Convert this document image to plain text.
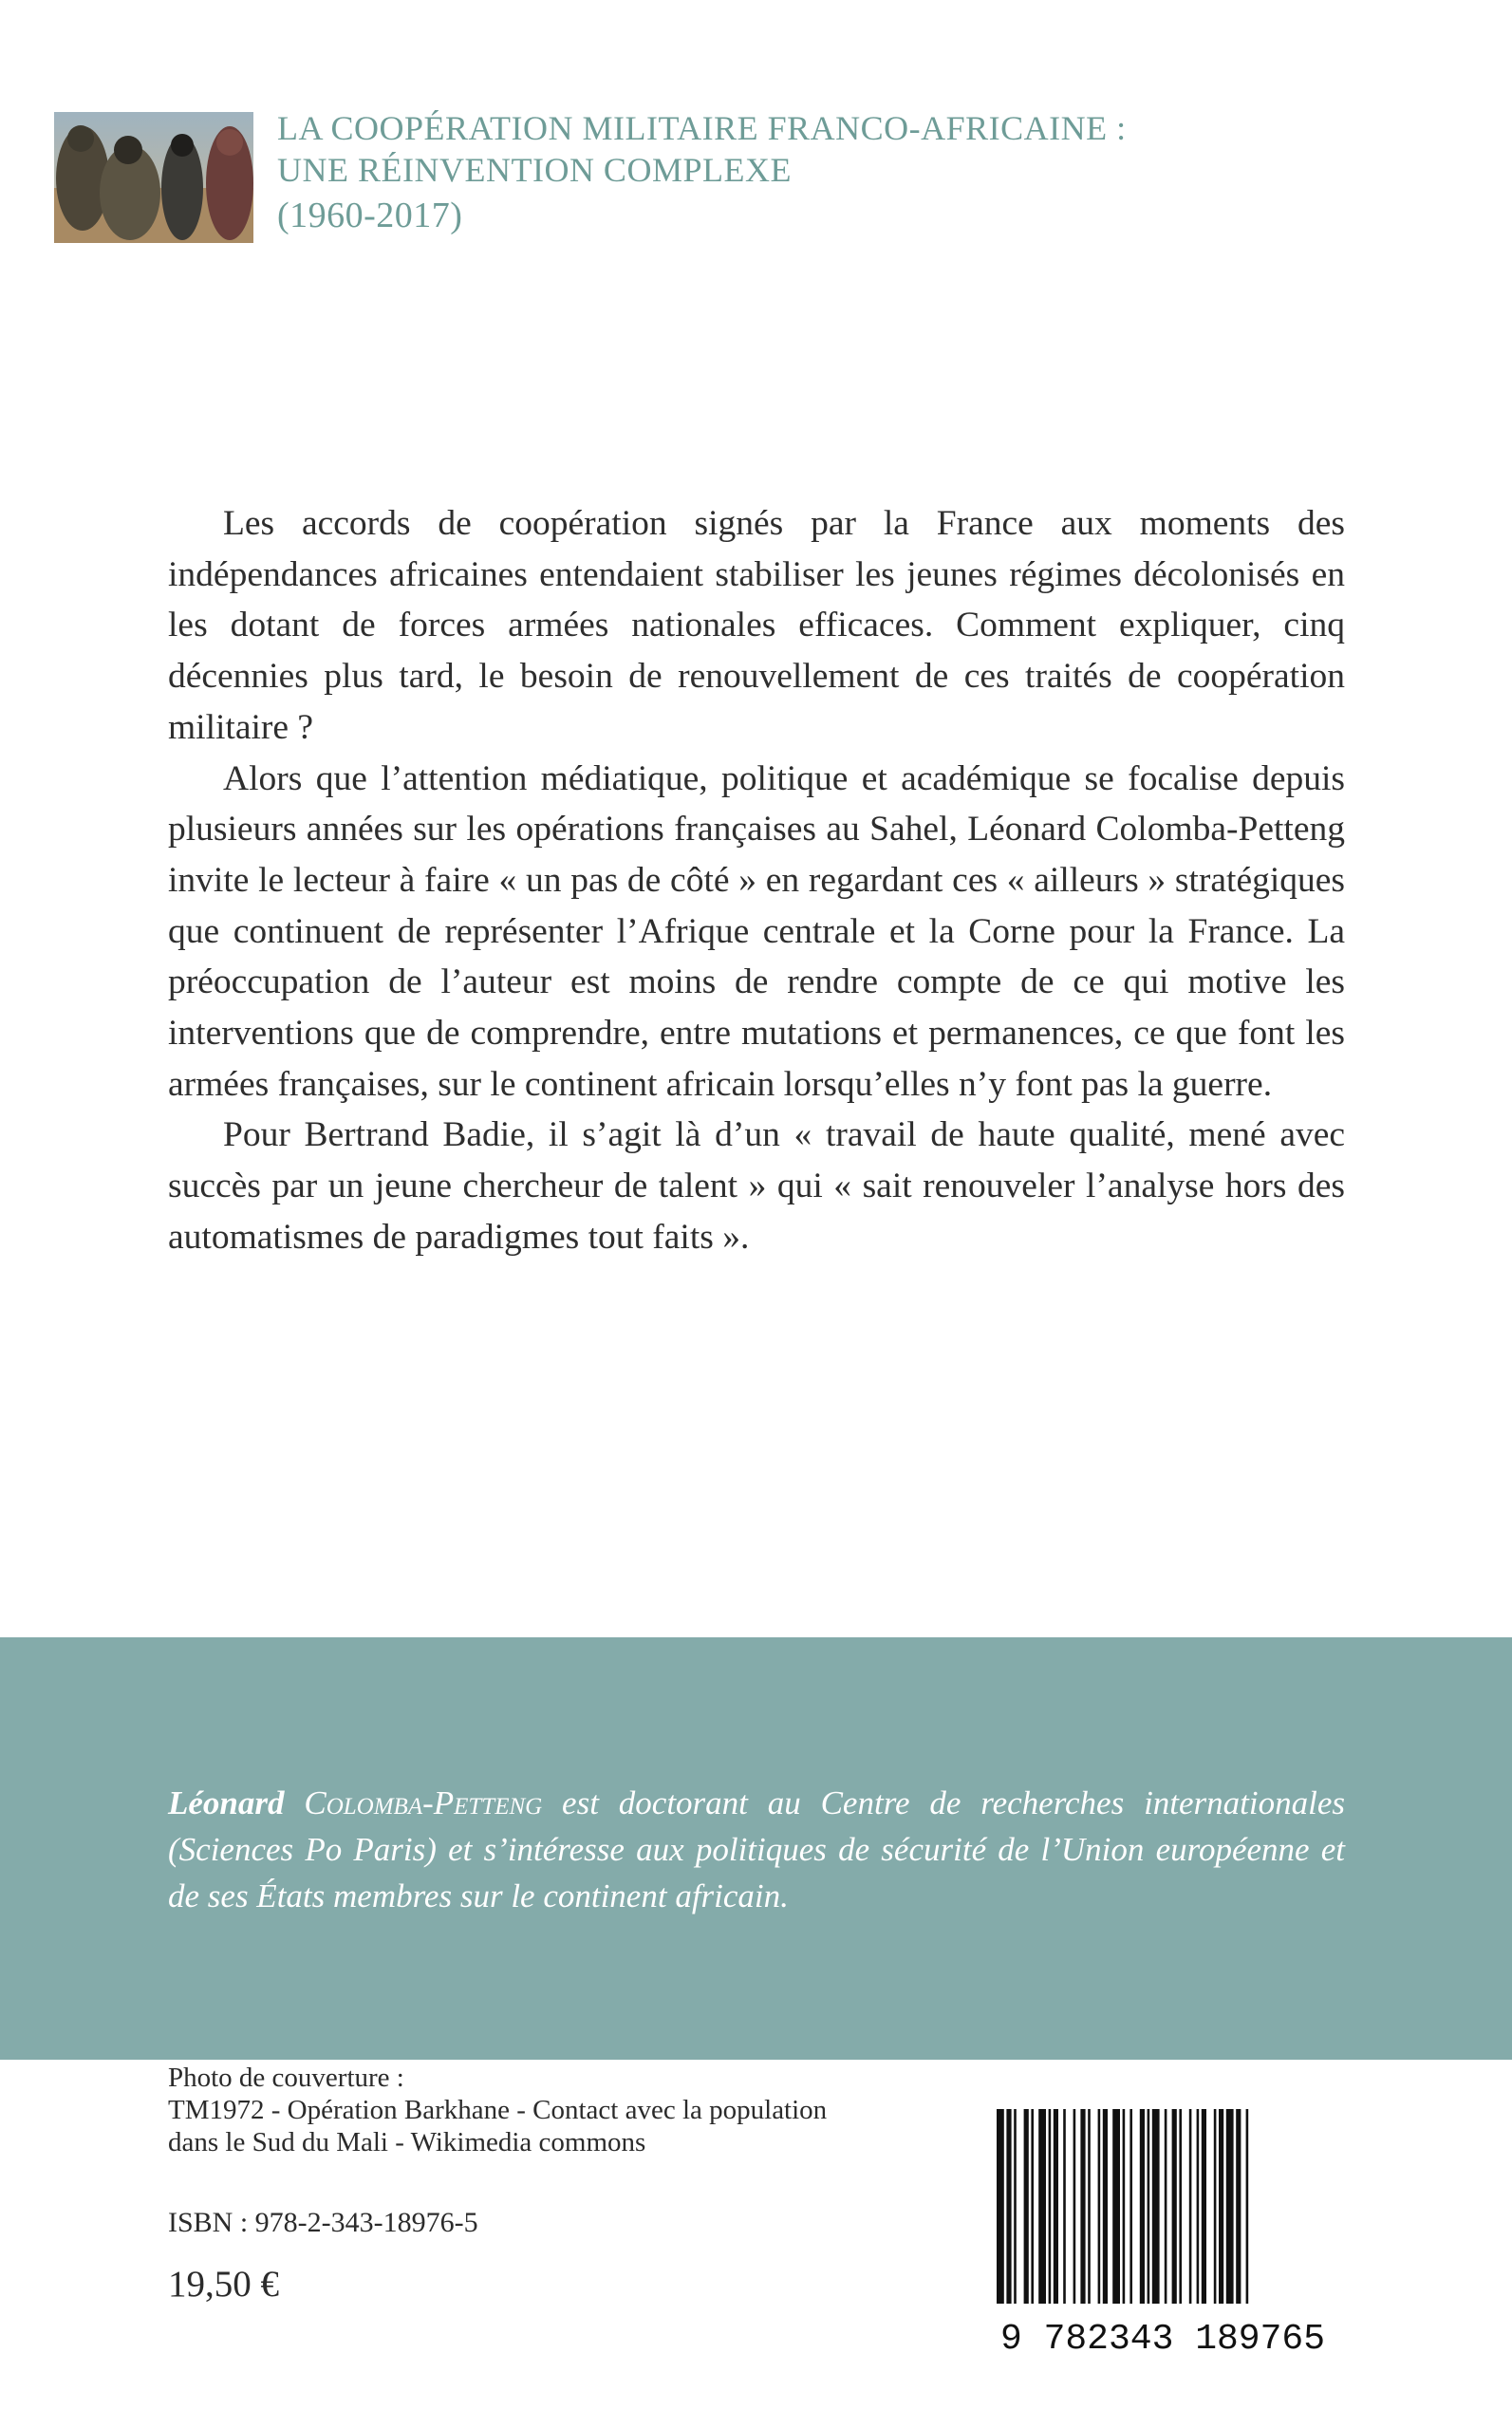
LA COOPÉRATION MILITAIRE FRANCO-AFRICAINE :
UNE RÉINVENTION COMPLEXE
(1960-2017)

Les accords de coopération signés par la France aux moments des indépendances africaines entendaient stabiliser les jeunes régimes décolonisés en les dotant de forces armées nationales efficaces. Comment expliquer, cinq décennies plus tard, le besoin de renouvellement de ces traités de coopération militaire ?

Alors que l’attention médiatique, politique et académique se focalise depuis plusieurs années sur les opérations françaises au Sahel, Léonard Colomba-Petteng invite le lecteur à faire « un pas de côté » en regardant ces « ailleurs » stratégiques que continuent de représenter l’Afrique centrale et la Corne pour la France. La préoccupation de l’auteur est moins de rendre compte de ce qui motive les interventions que de comprendre, entre mutations et permanences, ce que font les armées françaises, sur le continent africain lorsqu’elles n’y font pas la guerre.

Pour Bertrand Badie, il s’agit là d’un « travail de haute qualité, mené avec succès par un jeune chercheur de talent » qui « sait renouveler l’analyse hors des automatismes de paradigmes tout faits ».

Léonard Colomba-Petteng est doctorant au Centre de recherches internationales (Sciences Po Paris) et s’intéresse aux politiques de sécurité de l’Union européenne et de ses États membres sur le continent africain.
Photo de couverture :
TM1972 - Opération Barkhane - Contact avec la population
dans le Sud du Mali - Wikimedia commons
ISBN : 978-2-343-18976-5
19,50 €
9 782343 189765
